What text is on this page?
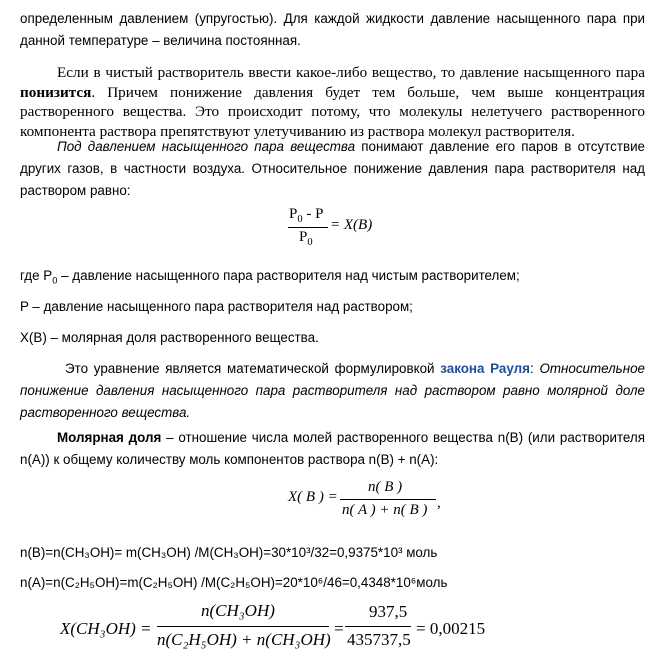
определенным давлением (упругостью). Для каждой жидкости давление насыщенного пара при данной температуре – величина постоянная.

Если в чистый растворитель ввести какое-либо вещество, то давление насыщенного пара понизится. Причем понижение давления будет тем больше, чем выше концентрация растворенного вещества. Это происходит потому, что молекулы нелетучего растворенного компонента раствора препятствуют улетучиванию из раствора молекул растворителя.

Под давлением насыщенного пара вещества понимают давление его паров в отсутствие других газов, в частности воздуха. Относительное понижение давления пара растворителя над раствором равно:

$P_0$ - P
$P_0$
= X(B)

где $P_0$ – давление насыщенного пара растворителя над чистым растворителем;

P – давление насыщенного пара растворителя над раствором;

X(B) – молярная доля растворенного вещества.

Это уравнение является математической формулировкой закона Рауля: Относительное понижение давления насыщенного пара растворителя над раствором равно молярной доле растворенного вещества.

Молярная доля – отношение числа молей растворенного вещества n(B) (или растворителя n(A)) к общему количеству моль компонентов раствора n(B) + n(A):

X( B ) =
n( B )
n( A ) + n( B ) ,

n(B)=n(CH₃OH)= m(CH₃OH) /M(CH₃OH)=30*10³/32=0,9375*10³ моль

n(A)=n(C₂H₅OH)=m(C₂H₅OH) /M(C₂H₅OH)=20*10⁶/46=0,4348*10⁶моль

X(CH₃OH) =
n(CH₃OH)
n(C₂H₅OH) + n(CH₃OH)
=
937,5
435737,5
= 0,00215
